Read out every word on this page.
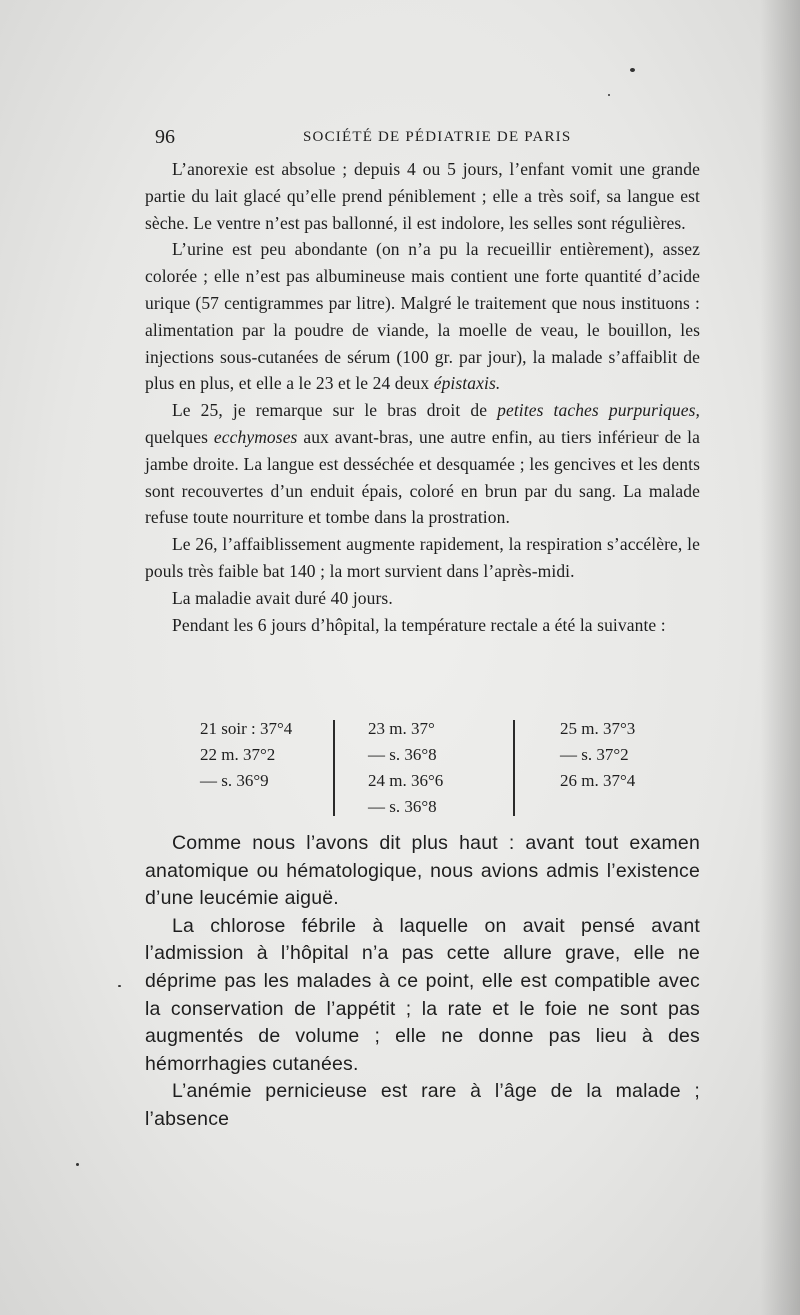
96	SOCIÉTÉ DE PÉDIATRIE DE PARIS

L’anorexie est absolue ; depuis 4 ou 5 jours, l’enfant vomit une grande partie du lait glacé qu’elle prend péniblement ; elle a très soif, sa langue est sèche. Le ventre n’est pas ballonné, il est indolore, les selles sont régulières.

L’urine est peu abondante (on n’a pu la recueillir entièrement), assez colorée ; elle n’est pas albumineuse mais contient une forte quantité d’acide urique (57 centigrammes par litre). Malgré le traitement que nous instituons : alimentation par la poudre de viande, la moelle de veau, le bouillon, les injections sous-cutanées de sérum (100 gr. par jour), la malade s’affaiblit de plus en plus, et elle a le 23 et le 24 deux épistaxis.

Le 25, je remarque sur le bras droit de petites taches purpuriques, quelques ecchymoses aux avant-bras, une autre enfin, au tiers inférieur de la jambe droite. La langue est desséchée et desquamée ; les gencives et les dents sont recouvertes d’un enduit épais, coloré en brun par du sang. La malade refuse toute nourriture et tombe dans la prostration.

Le 26, l’affaiblissement augmente rapidement, la respiration s’accélère, le pouls très faible bat 140 ; la mort survient dans l’après-midi.

La maladie avait duré 40 jours.

Pendant les 6 jours d’hôpital, la température rectale a été la suivante :

21 soir : 37°4
22 m. 37°2
— s. 36°9
23 m. 37°
— s. 36°8
24 m. 36°6
— s. 36°8
25 m. 37°3
— s. 37°2
26 m. 37°4

Comme nous l’avons dit plus haut : avant tout examen anatomique ou hématologique, nous avions admis l’existence d’une leucémie aiguë.

La chlorose fébrile à laquelle on avait pensé avant l’admission à l’hôpital n’a pas cette allure grave, elle ne déprime pas les malades à ce point, elle est compatible avec la conservation de l’appétit ; la rate et le foie ne sont pas augmentés de volume ; elle ne donne pas lieu à des hémorrhagies cutanées.

L’anémie pernicieuse est rare à l’âge de la malade ; l’absence
